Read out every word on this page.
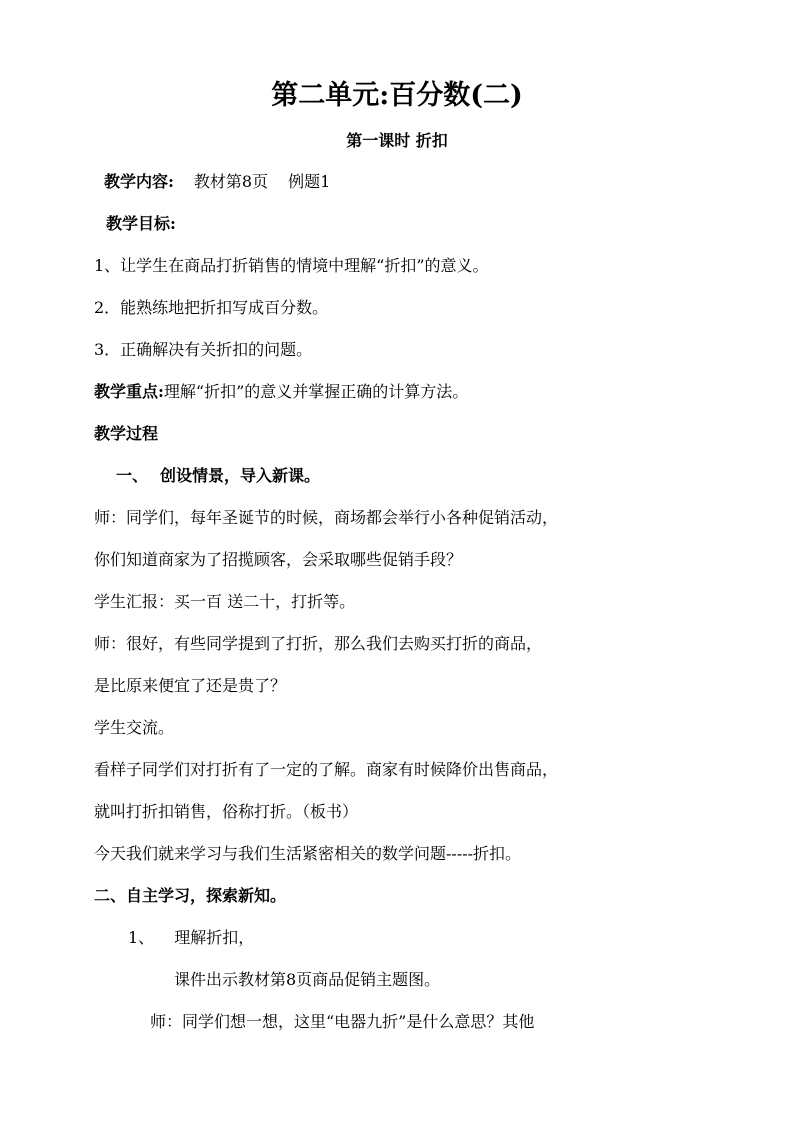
第二单元:百分数(二)
第一课时 折扣
教学内容: 教材第8页 例题1
教学目标:
1、让学生在商品打折销售的情境中理解“折扣”的意义。
2．能熟练地把折扣写成百分数。
3．正确解决有关折扣的问题。
教学重点:理解“折扣”的意义并掌握正确的计算方法。
教学过程
一、 创设情景，导入新课。
师：同学们，每年圣诞节的时候，商场都会举行小各种促销活动，
你们知道商家为了招揽顾客，会采取哪些促销手段？
学生汇报：买一百 送二十，打折等。
师：很好，有些同学提到了打折，那么我们去购买打折的商品，
是比原来便宜了还是贵了？
学生交流。
看样子同学们对打折有了一定的了解。商家有时候降价出售商品，
就叫打折扣销售，俗称打折。（板书）
今天我们就来学习与我们生活紧密相关的数学问题-----折扣。
二、自主学习，探索新知。
1、 理解折扣，
课件出示教材第8页商品促销主题图。
师：同学们想一想，这里“电器九折”是什么意思？其他
